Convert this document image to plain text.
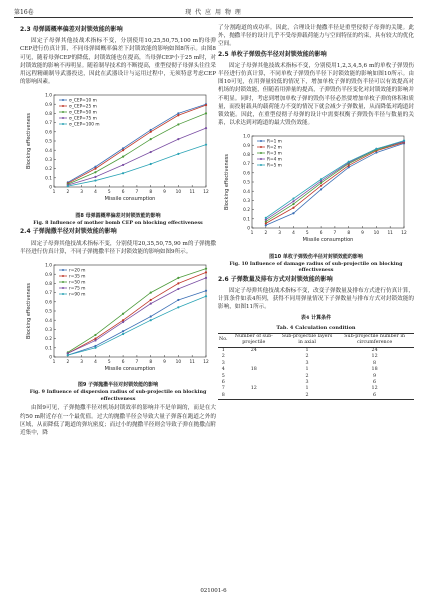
第16卷	现 代 应 用 物 理
2.3 母弹圆概率偏差对封锁效能的影响

固定子母弹其他技战术指标不变，分别使用10,25,50,75,100 m的母弹CEP进行仿真计算，不同母弹圆概率偏差下封锁效能的影响如图8所示。由图8可见，随着母弹CEP的降低，封锁效能也在提高，当母弹CEP小于25 m时，对封锁效能的影响不再明显。随着制导技术的不断提高，重型侵彻子母弹头往往采用远程精确制导武器投送，因此在武器设计与运用过程中，无须特意考虑CEP的影响因素。

0
0.1
0.2
0.3
0.4
0.5
0.6
0.7
0.8
0.9
1.0
1	2	3	4	5	6	7	8	9 10 11 12
Missile consumption
Blocking effectiveness
σ_CEP=10 m
σ_CEP=25 m
σ_CEP=50 m
σ_CEP=75 m
σ_CEP=100 m
图8 母弹圆概率偏差对封锁效能的影响
Fig. 8 Influence of mother bomb CEP on blocking effectiveness
2.4 子弹抛撒半径对封锁效能的影响

固定子母弹其他技战术指标不变，分别使用20,35,50,75,90 m的子弹抛撒半径进行仿真计算，不同子弹抛撒半径下封锁效能的影响如图9所示。

0
0.1
0.2
0.3
0.4
0.5
0.6
0.7
0.8
0.9
1.0
1	2	3	4	5	6	7	8	9 10 11 12
Missile consumption
Blocking effectiveness
r=20 m
r=35 m
r=50 m
r=75 m
r=90 m
图9 子弹抛撒半径对封锁效能的影响
Fig. 9 Influence of dispersion radius of sub-projectile on blocking effectiveness

由图9可见，子弹抛撒半径对机场封锁效率的影响并不是单调的，而是在大约50 m附近存在一个最优值。过大的抛撒半径会导致大量子弹落在跑道之外的区域，从而降低了跑道的弹坑密度；而过小的抛撒半径则会导致子弹在抛撒点附近集中，降

了分割跑道的成功率。因此，合理设计抛撒半径是重型侵彻子母弹的关键。此外，抛撒半径的设计几乎不受母弹载荷能力与空间特征的约束，具有较大的优化空间。

2.5 单枚子弹毁伤半径对封锁效能的影响

固定子母弹其他技战术指标不变，分别使用1,2,3,4,5,6 m的单枚子弹毁伤半径进行仿真计算，不同单枚子弹毁伤半径下封锁效能的影响如图10所示。由图10可见，在用弹量较低的情况下，增加单枚子弹的毁伤半径可以有效提高对机场的封锁效能，但随着用弹量的提高，子弹毁伤半径变化对封锁效能的影响并不明显。同时，考虑到增加单枚子弹的毁伤半径必然要增加单枚子弹的体积和质量，而投射载具的载荷能力不变的情况下就会减少子弹数量，从而降低对跑道封锁效能。因此，在重型侵彻子母弹的设计中需要权衡子弹毁伤半径与数量的关系，以求达到对跑道的最大毁伤效能。

0
0.1
0.2
0.3
0.4
0.5
0.6
0.7
0.8
0.9
1.0
1	2	3	4	5	6	7	8	9 10 11 12
Missile consumption
Blocking effectiveness
R=1 m
R=2 m
R=3 m
R=4 m
R=5 m
图10 单枚子弹毁伤半径对封锁效能的影响
Fig. 10 Influence of damage radius of sub-projectile on blocking effectiveness
2.6 子弹数量及排布方式对封锁效能的影响

固定子母弹其他技战术指标不变，改变子弹数量及排布方式进行仿真计算，计算条件如表4所列，获得不同用弹量情况下子弹数量与排布方式对封锁效能的影响，如图11所示。

表4 计算条件
Tab. 4 Calculation condition
No.	Number of sub-projectile	Sub-projectile layers in axial	Sub-projectile number in circumference
1	24	1	24
2		2	12
3		3	8
4	18	1	18
5		2	9
6		3	6
7	12	1	12
8		2	6
021001-6
